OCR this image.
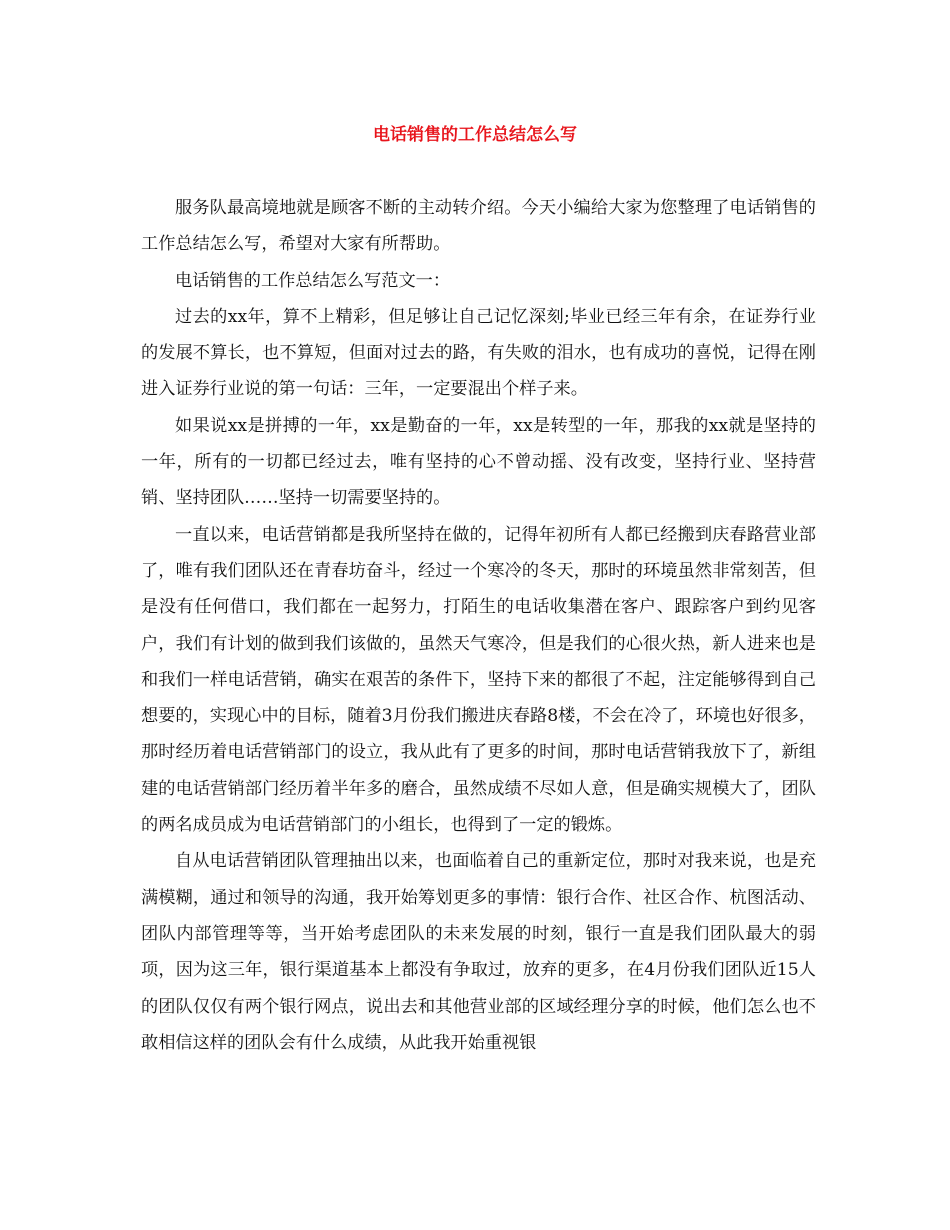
电话销售的工作总结怎么写

服务队最高境地就是顾客不断的主动转介绍。今天小编给大家为您整理了电话销售的工作总结怎么写，希望对大家有所帮助。

电话销售的工作总结怎么写范文一：

过去的xx年，算不上精彩，但足够让自己记忆深刻;毕业已经三年有余，在证券行业的发展不算长，也不算短，但面对过去的路，有失败的泪水，也有成功的喜悦，记得在刚进入证券行业说的第一句话：三年，一定要混出个样子来。

如果说xx是拼搏的一年，xx是勤奋的一年，xx是转型的一年，那我的xx就是坚持的一年，所有的一切都已经过去，唯有坚持的心不曾动摇、没有改变，坚持行业、坚持营销、坚持团队……坚持一切需要坚持的。

一直以来，电话营销都是我所坚持在做的，记得年初所有人都已经搬到庆春路营业部了，唯有我们团队还在青春坊奋斗，经过一个寒冷的冬天，那时的环境虽然非常刻苦，但是没有任何借口，我们都在一起努力，打陌生的电话收集潜在客户、跟踪客户到约见客户，我们有计划的做到我们该做的，虽然天气寒冷，但是我们的心很火热，新人进来也是和我们一样电话营销，确实在艰苦的条件下，坚持下来的都很了不起，注定能够得到自己想要的，实现心中的目标，随着3月份我们搬进庆春路8楼，不会在冷了，环境也好很多，那时经历着电话营销部门的设立，我从此有了更多的时间，那时电话营销我放下了，新组建的电话营销部门经历着半年多的磨合，虽然成绩不尽如人意，但是确实规模大了，团队的两名成员成为电话营销部门的小组长，也得到了一定的锻炼。

自从电话营销团队管理抽出以来，也面临着自己的重新定位，那时对我来说，也是充满模糊，通过和领导的沟通，我开始筹划更多的事情：银行合作、社区合作、杭图活动、团队内部管理等等，当开始考虑团队的未来发展的时刻，银行一直是我们团队最大的弱项，因为这三年，银行渠道基本上都没有争取过，放弃的更多，在4月份我们团队近15人的团队仅仅有两个银行网点，说出去和其他营业部的区域经理分享的时候，他们怎么也不敢相信这样的团队会有什么成绩，从此我开始重视银
